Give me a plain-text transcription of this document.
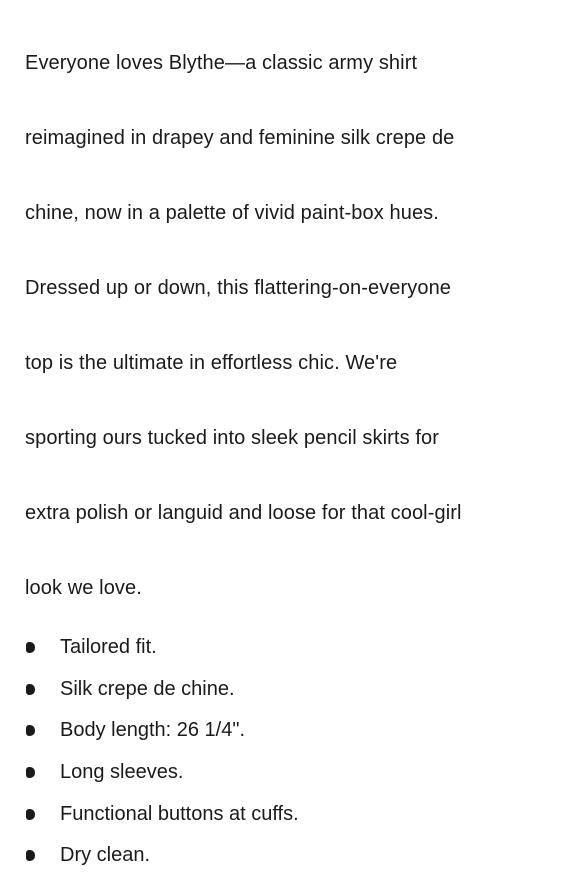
Everyone loves Blythe—a classic army shirt

reimagined in drapey and feminine silk crepe de

chine, now in a palette of vivid paint-box hues.

Dressed up or down, this flattering-on-everyone

top is the ultimate in effortless chic. We're

sporting ours tucked into sleek pencil skirts for

extra polish or languid and loose for that cool-girl

look we love.

Tailored fit.
Silk crepe de chine.
Body length: 26 1/4".
Long sleeves.
Functional buttons at cuffs.
Dry clean.
